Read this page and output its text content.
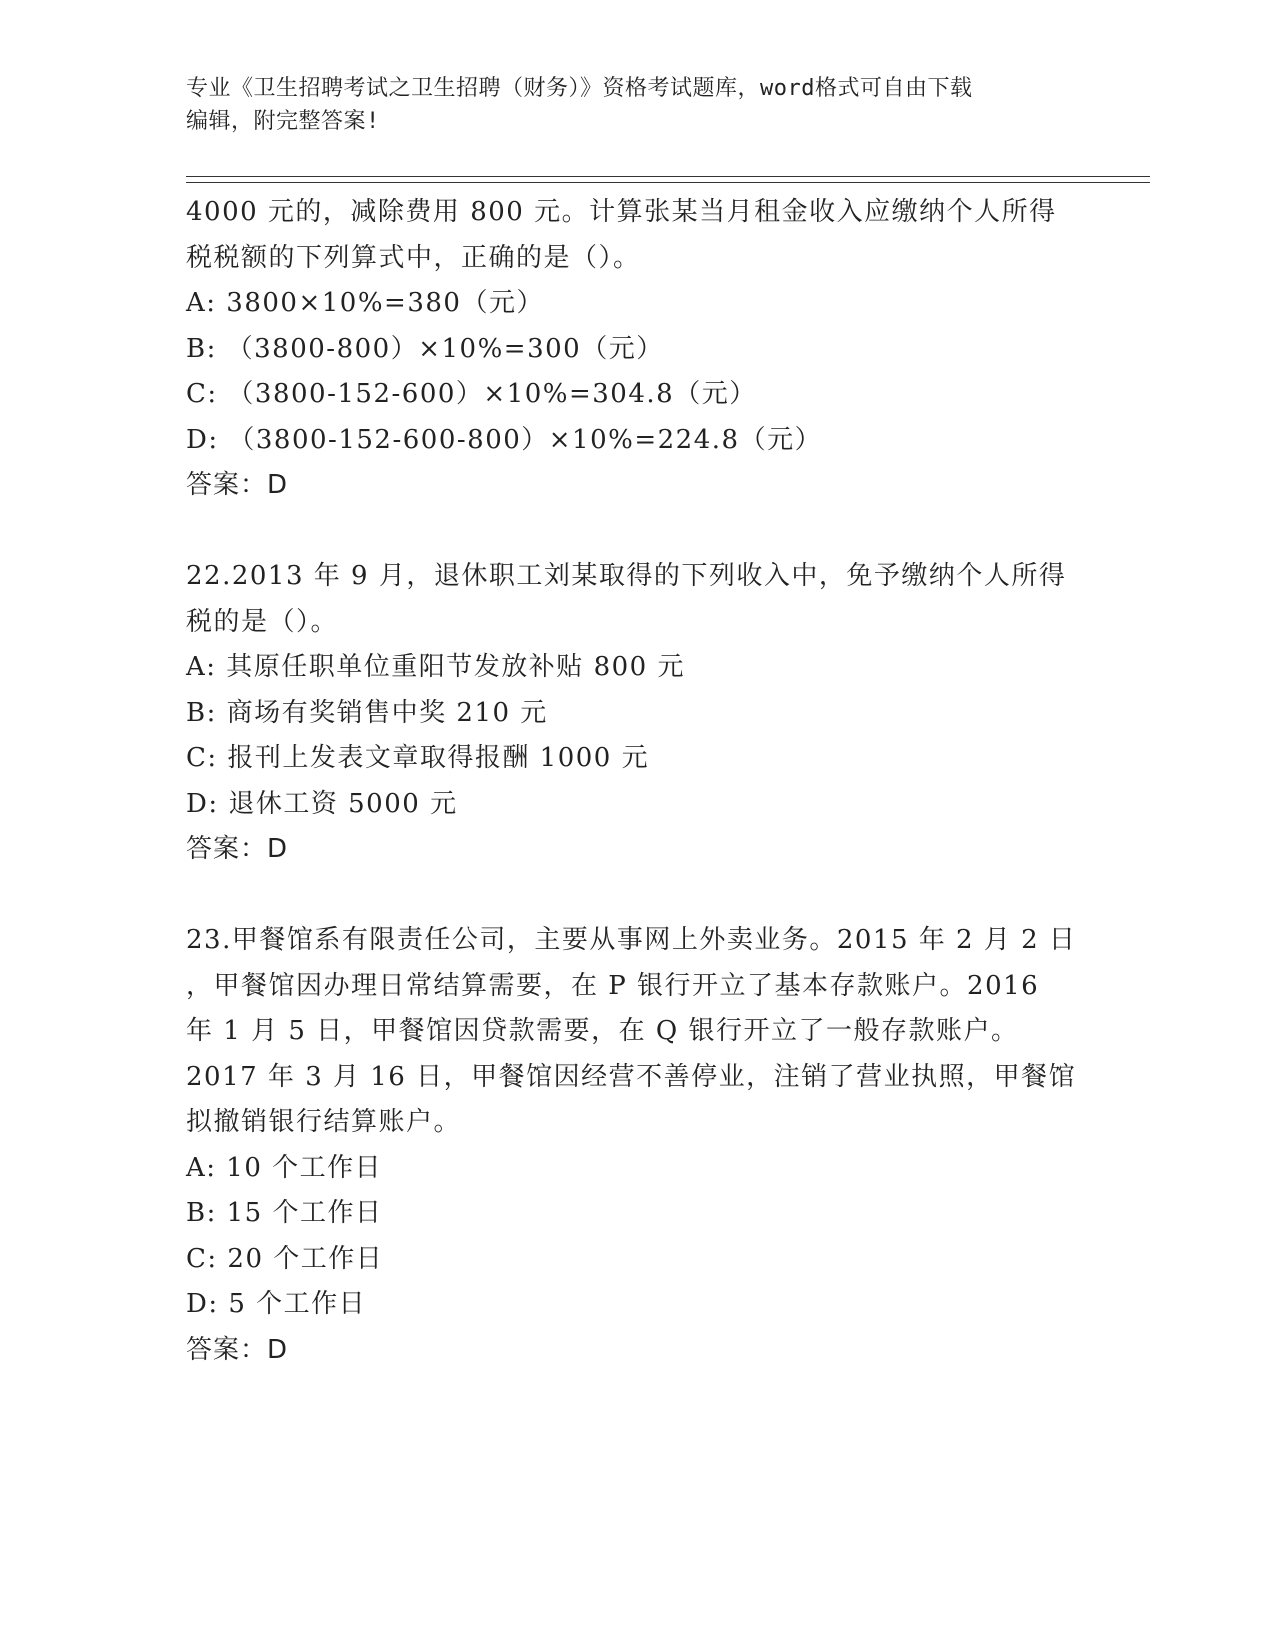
专业《卫生招聘考试之卫生招聘（财务）》资格考试题库，word格式可自由下载
编辑，附完整答案!
4000 元的，减除费用 800 元。计算张某当月租金收入应缴纳个人所得
税税额的下列算式中，正确的是（）。
A: 3800×10%=380（元）
B: （3800-800）×10%=300（元）
C: （3800-152-600）×10%=304.8（元）
D: （3800-152-600-800）×10%=224.8（元）
答案：D
22.2013 年 9 月，退休职工刘某取得的下列收入中，免予缴纳个人所得
税的是（）。
A: 其原任职单位重阳节发放补贴 800 元
B: 商场有奖销售中奖 210 元
C: 报刊上发表文章取得报酬 1000 元
D: 退休工资 5000 元
答案：D
23.甲餐馆系有限责任公司，主要从事网上外卖业务。2015 年 2 月 2 日
，甲餐馆因办理日常结算需要，在 P 银行开立了基本存款账户。2016
年 1 月 5 日，甲餐馆因贷款需要，在 Q 银行开立了一般存款账户。
2017 年 3 月 16 日，甲餐馆因经营不善停业，注销了营业执照，甲餐馆
拟撤销银行结算账户。
A: 10 个工作日
B: 15 个工作日
C: 20 个工作日
D: 5 个工作日
答案：D
